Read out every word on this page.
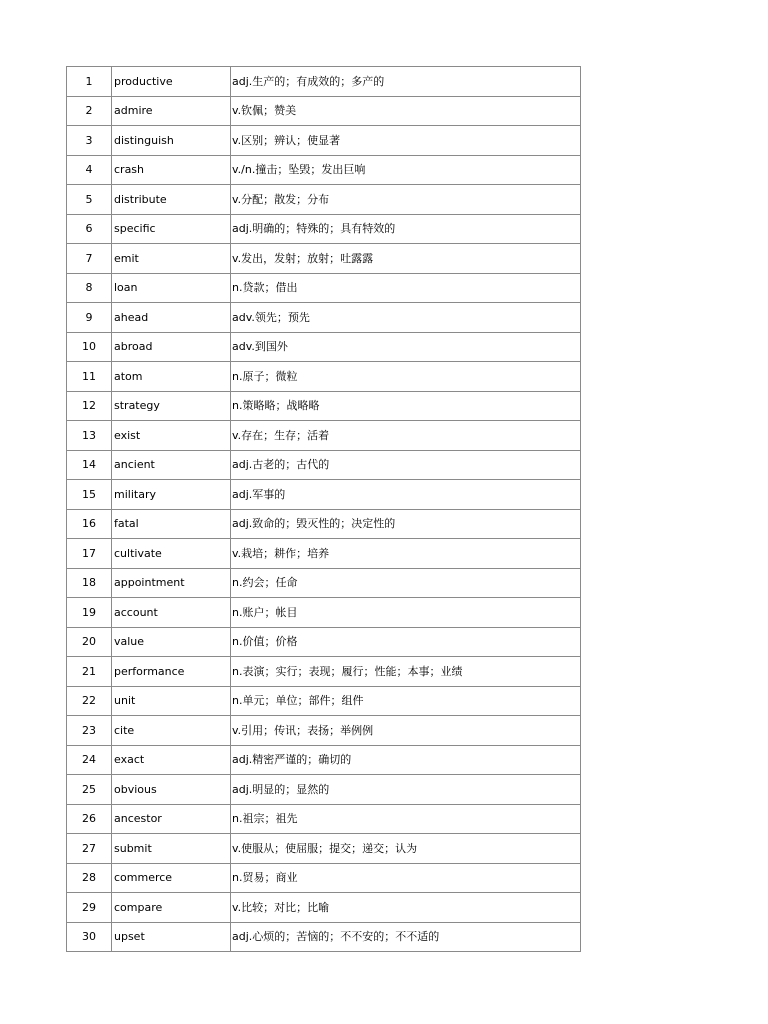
1	productive	adj.生产的；有成效的；多产的
2	admire	v.钦佩；赞美
3	distinguish	v.区别；辨认；使显著
4	crash	v./n.撞击；坠毁；发出巨响
5	distribute	v.分配；散发；分布
6	specific	adj.明确的；特殊的；具有特效的
7	emit	v.发出，发射；放射；吐露露
8	loan	n.贷款；借出
9	ahead	adv.领先；预先
10	abroad	adv.到国外
11	atom	n.原子；微粒
12	strategy	n.策略略；战略略
13	exist	v.存在；生存；活着
14	ancient	adj.古老的；古代的
15	military	adj.军事的
16	fatal	adj.致命的；毁灭性的；决定性的
17	cultivate	v.栽培；耕作；培养
18	appointment	n.约会；任命
19	account	n.账户；帐目
20	value	n.价值；价格
21	performance	n.表演；实行；表现；履行；性能；本事；业绩
22	unit	n.单元；单位；部件；组件
23	cite	v.引用；传讯；表扬；举例例
24	exact	adj.精密严谨的；确切的
25	obvious	adj.明显的；显然的
26	ancestor	n.祖宗；祖先
27	submit	v.使服从；使屈服；提交；递交；认为
28	commerce	n.贸易；商业
29	compare	v.比较；对比；比喻
30	upset	adj.心烦的；苦恼的；不不安的；不不适的
